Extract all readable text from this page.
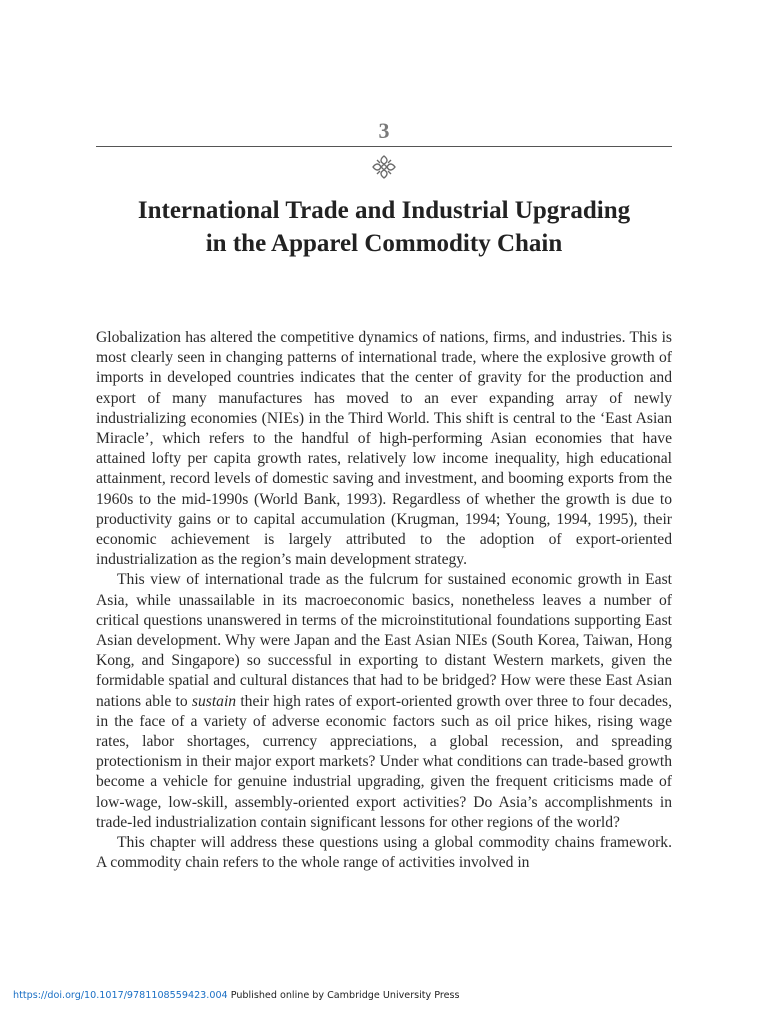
3
International Trade and Industrial Upgrading
in the Apparel Commodity Chain

Globalization has altered the competitive dynamics of nations, firms, and industries. This is most clearly seen in changing patterns of international trade, where the explosive growth of imports in developed countries indicates that the center of gravity for the production and export of many manufactures has moved to an ever expanding array of newly industrializing economies (NIEs) in the Third World. This shift is central to the ‘East Asian Miracle’, which refers to the handful of high-performing Asian economies that have attained lofty per capita growth rates, relatively low income inequality, high educational attainment, record levels of domestic saving and investment, and booming exports from the 1960s to the mid-1990s (World Bank, 1993). Regardless of whether the growth is due to productivity gains or to capital accumulation (Krugman, 1994; Young, 1994, 1995), their economic achievement is largely attributed to the adoption of export-oriented industrialization as the region’s main development strategy.

This view of international trade as the fulcrum for sustained economic growth in East Asia, while unassailable in its macroeconomic basics, nonetheless leaves a number of critical questions unanswered in terms of the microinstitutional foundations supporting East Asian development. Why were Japan and the East Asian NIEs (South Korea, Taiwan, Hong Kong, and Singapore) so successful in exporting to distant Western markets, given the formidable spatial and cultural distances that had to be bridged? How were these East Asian nations able to sustain their high rates of export-oriented growth over three to four decades, in the face of a variety of adverse economic factors such as oil price hikes, rising wage rates, labor shortages, currency appreciations, a global recession, and spreading protectionism in their major export markets? Under what conditions can trade-based growth become a vehicle for genuine industrial upgrading, given the frequent criticisms made of low-wage, low-skill, assembly-oriented export activities? Do Asia’s accomplishments in trade-led industrialization contain significant lessons for other regions of the world?

This chapter will address these questions using a global commodity chains framework. A commodity chain refers to the whole range of activities involved in

https://doi.org/10.1017/9781108559423.004 Published online by Cambridge University Press
